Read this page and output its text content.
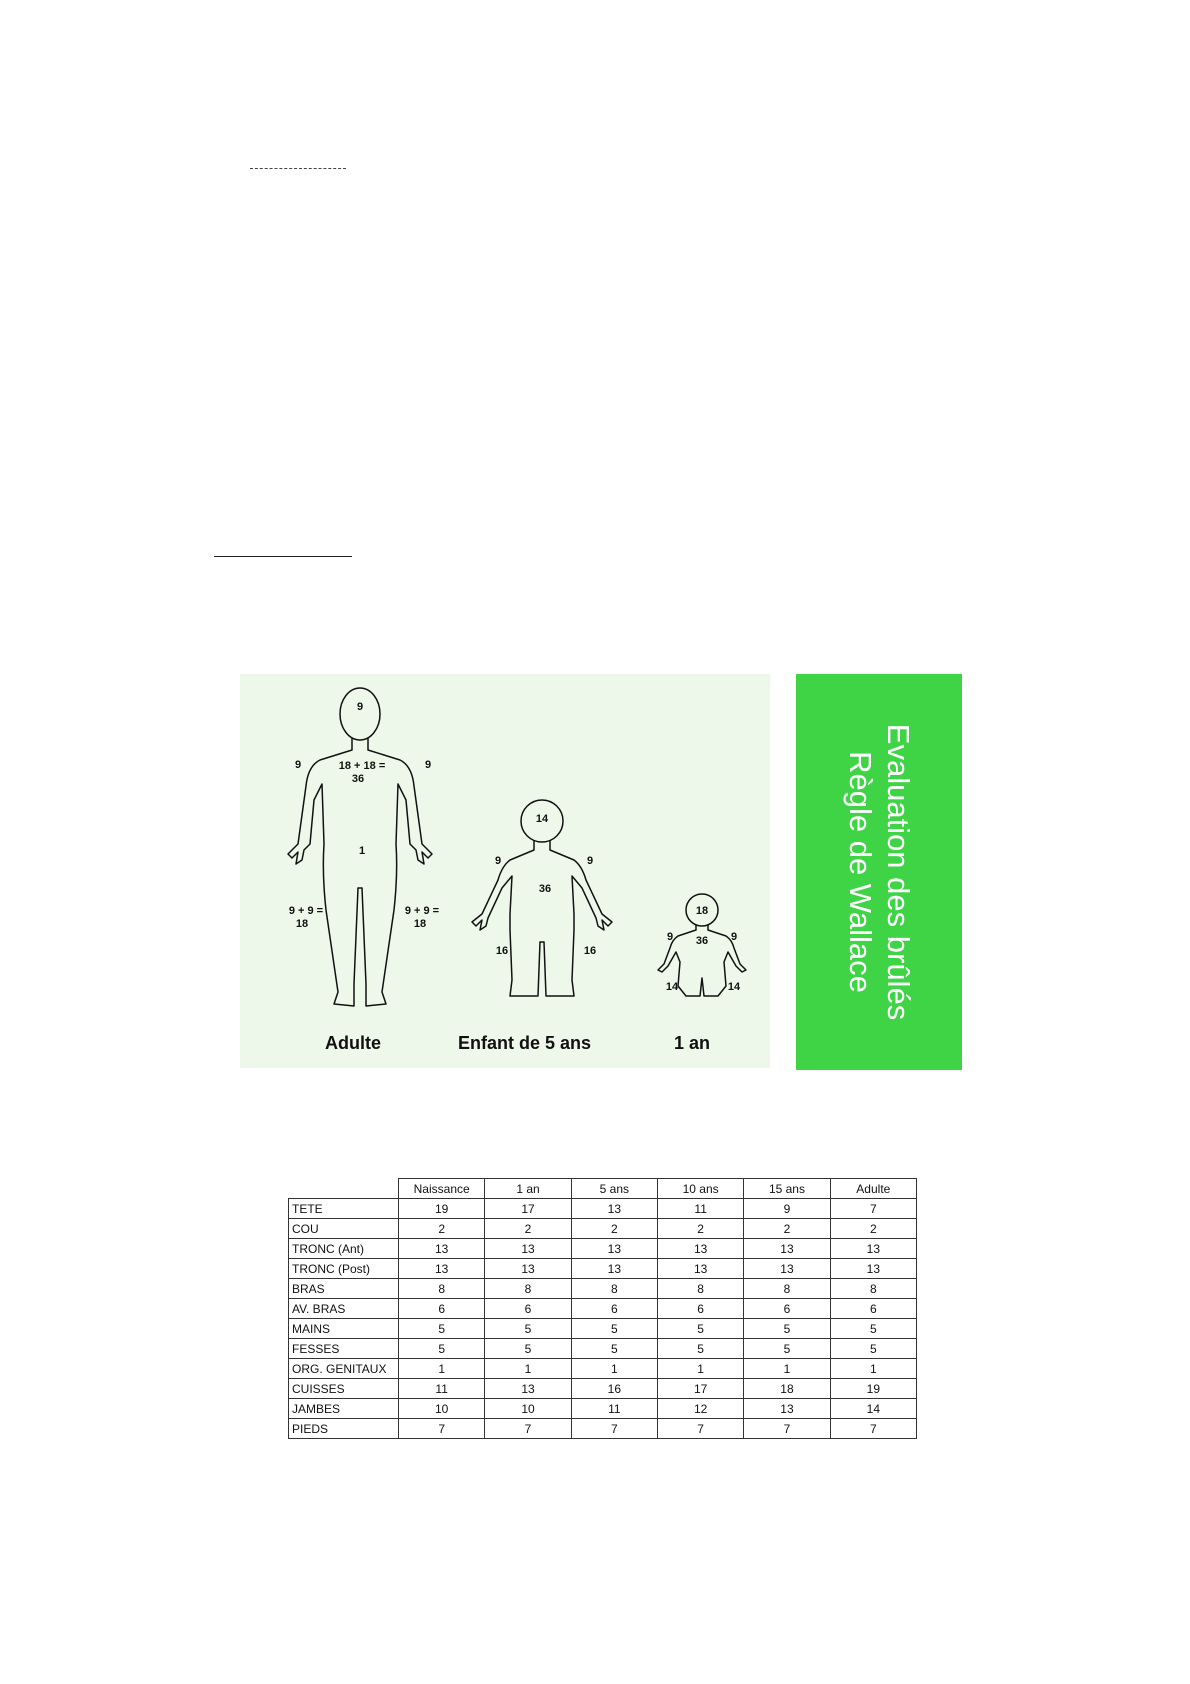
9
18 + 18 =
36
9	9
1
9 + 9 =
18
9 + 9 =
18
14
9	9
36
16	16
18
9	9
36
14	14
Adulte	Enfant de 5 ans	1 an
Evaluation des brûlés
Règle de Wallace
	Naissance	1 an	5 ans	10 ans	15 ans	Adulte
TETE	19	17	13	11	9	7
COU	2	2	2	2	2	2
TRONC (Ant)	13	13	13	13	13	13
TRONC (Post)	13	13	13	13	13	13
BRAS	8	8	8	8	8	8
AV. BRAS	6	6	6	6	6	6
MAINS	5	5	5	5	5	5
FESSES	5	5	5	5	5	5
ORG. GENITAUX	1	1	1	1	1	1
CUISSES	11	13	16	17	18	19
JAMBES	10	10	11	12	13	14
PIEDS	7	7	7	7	7	7
